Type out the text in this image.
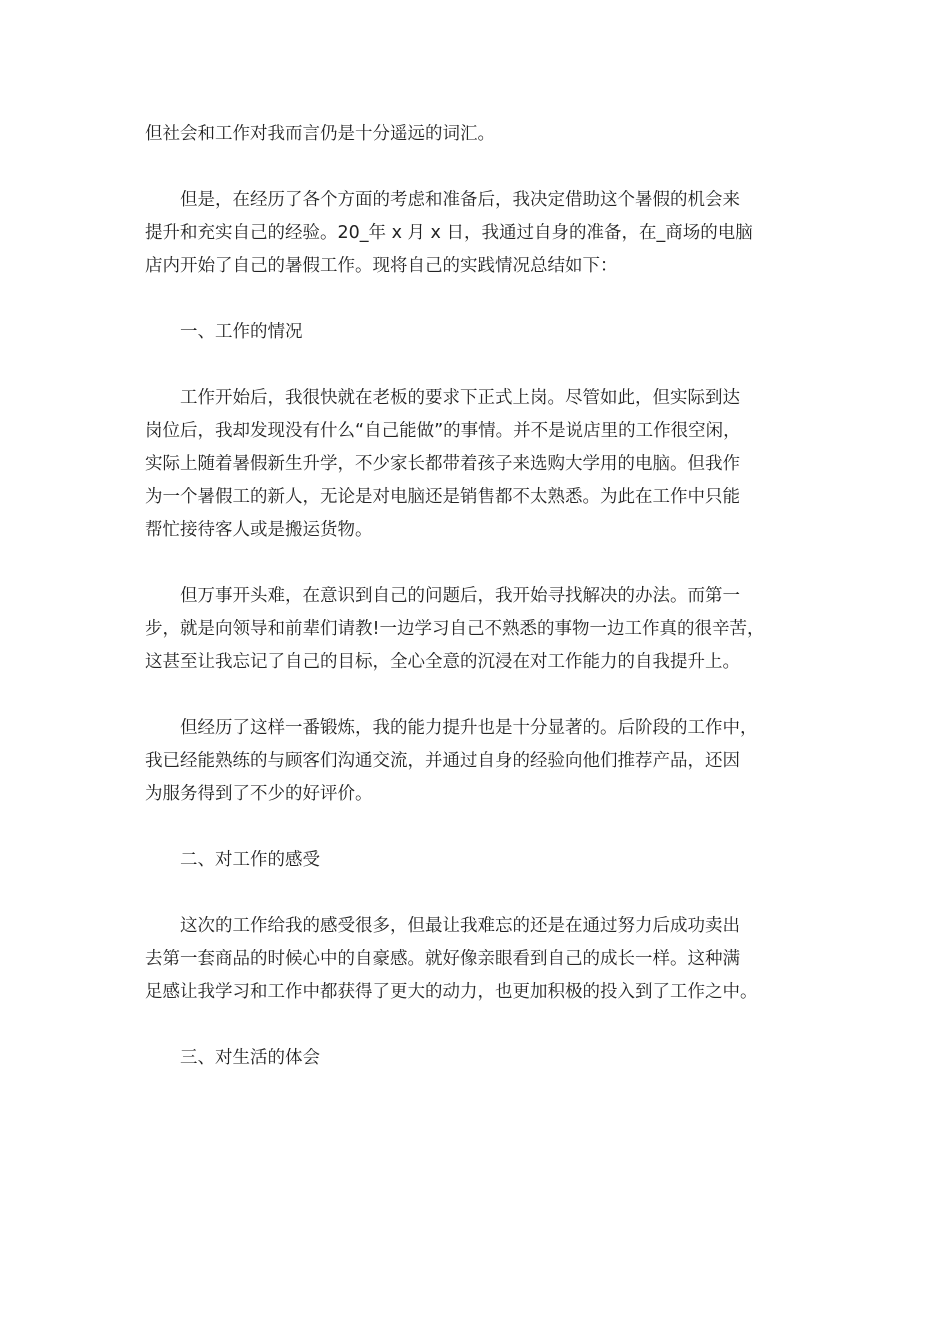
但社会和工作对我而言仍是十分遥远的词汇。
但是，在经历了各个方面的考虑和准备后，我决定借助这个暑假的机会来
提升和充实自己的经验。20_年 x 月 x 日，我通过自身的准备，在_商场的电脑
店内开始了自己的暑假工作。现将自己的实践情况总结如下：
一、工作的情况
工作开始后，我很快就在老板的要求下正式上岗。尽管如此，但实际到达
岗位后，我却发现没有什么“自己能做”的事情。并不是说店里的工作很空闲，
实际上随着暑假新生升学，不少家长都带着孩子来选购大学用的电脑。但我作
为一个暑假工的新人，无论是对电脑还是销售都不太熟悉。为此在工作中只能
帮忙接待客人或是搬运货物。
但万事开头难，在意识到自己的问题后，我开始寻找解决的办法。而第一
步，就是向领导和前辈们请教!一边学习自己不熟悉的事物一边工作真的很辛苦，
这甚至让我忘记了自己的目标，全心全意的沉浸在对工作能力的自我提升上。
但经历了这样一番锻炼，我的能力提升也是十分显著的。后阶段的工作中，
我已经能熟练的与顾客们沟通交流，并通过自身的经验向他们推荐产品，还因
为服务得到了不少的好评价。
二、对工作的感受
这次的工作给我的感受很多，但最让我难忘的还是在通过努力后成功卖出
去第一套商品的时候心中的自豪感。就好像亲眼看到自己的成长一样。这种满
足感让我学习和工作中都获得了更大的动力，也更加积极的投入到了工作之中。
三、对生活的体会
